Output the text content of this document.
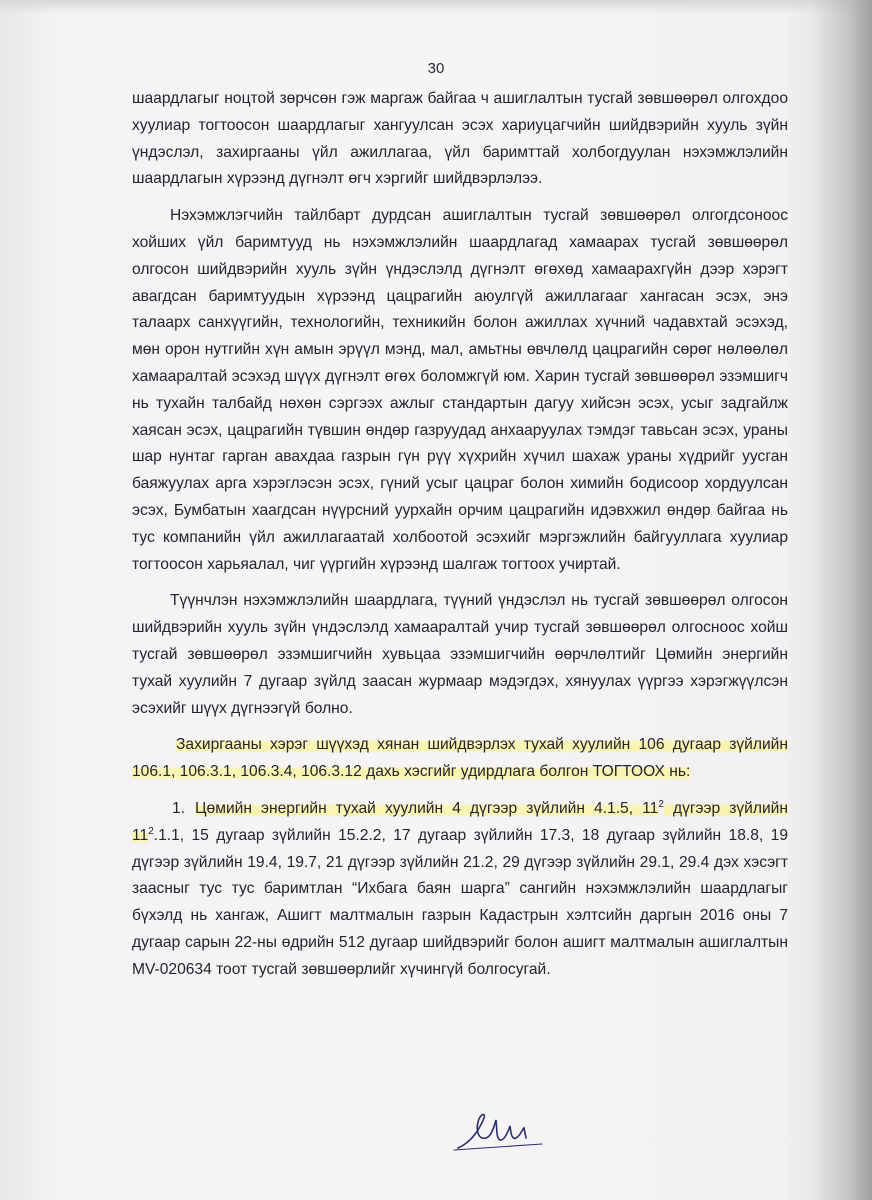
30

шаардлагыг ноцтой зөрчсөн гэж маргаж байгаа ч ашиглалтын тусгай зөвшөөрөл олгохдоо хуулиар тогтоосон шаардлагыг хангуулсан эсэх хариуцагчийн шийдвэрийн хууль зүйн үндэслэл, захиргааны үйл ажиллагаа, үйл баримттай холбогдуулан нэхэмжлэлийн шаардлагын хүрээнд дүгнэлт өгч хэргийг шийдвэрлэлээ.

Нэхэмжлэгчийн тайлбарт дурдсан ашиглалтын тусгай зөвшөөрөл олгогдсоноос хойших үйл баримтууд нь нэхэмжлэлийн шаардлагад хамаарах тусгай зөвшөөрөл олгосон шийдвэрийн хууль зүйн үндэслэлд дүгнэлт өгөхөд хамаарахгүйн дээр хэрэгт авагдсан баримтуудын хүрээнд цацрагийн аюулгүй ажиллагааг хангасан эсэх, энэ талаарх санхүүгийн, технологийн, техникийн болон ажиллах хүчний чадавхтай эсэхэд, мөн орон нутгийн хүн амын эрүүл мэнд, мал, амьтны өвчлөлд цацрагийн сөрөг нөлөөлөл хамааралтай эсэхэд шүүх дүгнэлт өгөх боломжгүй юм. Харин тусгай зөвшөөрөл эзэмшигч нь тухайн талбайд нөхөн сэргээх ажлыг стандартын дагуу хийсэн эсэх, усыг задгайлж хаясан эсэх, цацрагийн түвшин өндөр газруудад анхааруулах тэмдэг тавьсан эсэх, ураны шар нунтаг гарган авахдаа газрын гүн рүү хүхрийн хүчил шахаж ураны хүдрийг уусган баяжуулах арга хэрэглэсэн эсэх, гүний усыг цацраг болон химийн бодисоор хордуулсан эсэх, Бумбатын хаагдсан нүүрсний уурхайн орчим цацрагийн идэвхжил өндөр байгаа нь тус компанийн үйл ажиллагаатай холбоотой эсэхийг мэргэжлийн байгууллага хуулиар тогтоосон харьяалал, чиг үүргийн хүрээнд шалгаж тогтоох учиртай.

Түүнчлэн нэхэмжлэлийн шаардлага, түүний үндэслэл нь тусгай зөвшөөрөл олгосон шийдвэрийн хууль зүйн үндэслэлд хамааралтай учир тусгай зөвшөөрөл олгосноос хойш тусгай зөвшөөрөл эзэмшигчийн хувьцаа эзэмшигчийн өөрчлөлтийг Цөмийн энергийн тухай хуулийн 7 дугаар зүйлд заасан журмаар мэдэгдэх, хянуулах үүргээ хэрэгжүүлсэн эсэхийг шүүх дүгнээгүй болно.

Захиргааны хэрэг шүүхэд хянан шийдвэрлэх тухай хуулийн 106 дугаар зүйлийн 106.1, 106.3.1, 106.3.4, 106.3.12 дахь хэсгийг удирдлага болгон ТОГТООХ нь:

1. Цөмийн энергийн тухай хуулийн 4 дүгээр зүйлийн 4.1.5, $11^2$ дүгээр зүйлийн $11^2.1.1$, 15 дугаар зүйлийн 15.2.2, 17 дугаар зүйлийн 17.3, 18 дугаар зүйлийн 18.8, 19 дүгээр зүйлийн 19.4, 19.7, 21 дүгээр зүйлийн 21.2, 29 дүгээр зүйлийн 29.1, 29.4 дэх хэсэгт заасныг тус тус баримтлан “Ихбага баян шарга” сангийн нэхэмжлэлийн шаардлагыг бүхэлд нь хангаж, Ашигт малтмалын газрын Кадастрын хэлтсийн даргын 2016 оны 7 дугаар сарын 22-ны өдрийн 512 дугаар шийдвэрийг болон ашигт малтмалын ашиглалтын MV-020634 тоот тусгай зөвшөөрлийг хүчингүй болгосугай.
